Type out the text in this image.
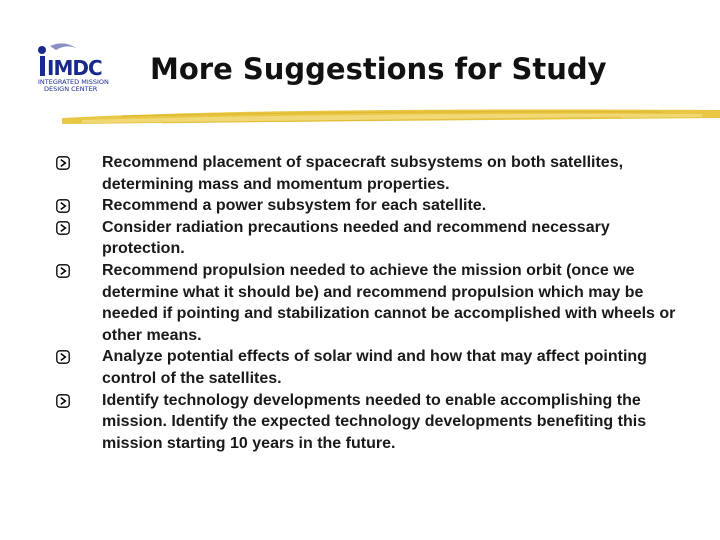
IMDC
INTEGRATED MISSION
DESIGN CENTER
More Suggestions for Study
Recommend placement of spacecraft subsystems on both satellites, determining mass and momentum properties.
Recommend a power subsystem for each satellite.
Consider radiation precautions needed and recommend necessary protection.
Recommend propulsion needed to achieve the mission orbit (once we determine what it should be) and recommend propulsion which may be needed if pointing and stabilization cannot be accomplished with wheels or other means.
Analyze potential effects of solar wind and how that may affect pointing control of the satellites.
Identify technology developments needed to enable accomplishing the mission. Identify the expected technology developments benefiting this mission starting 10 years in the future.
